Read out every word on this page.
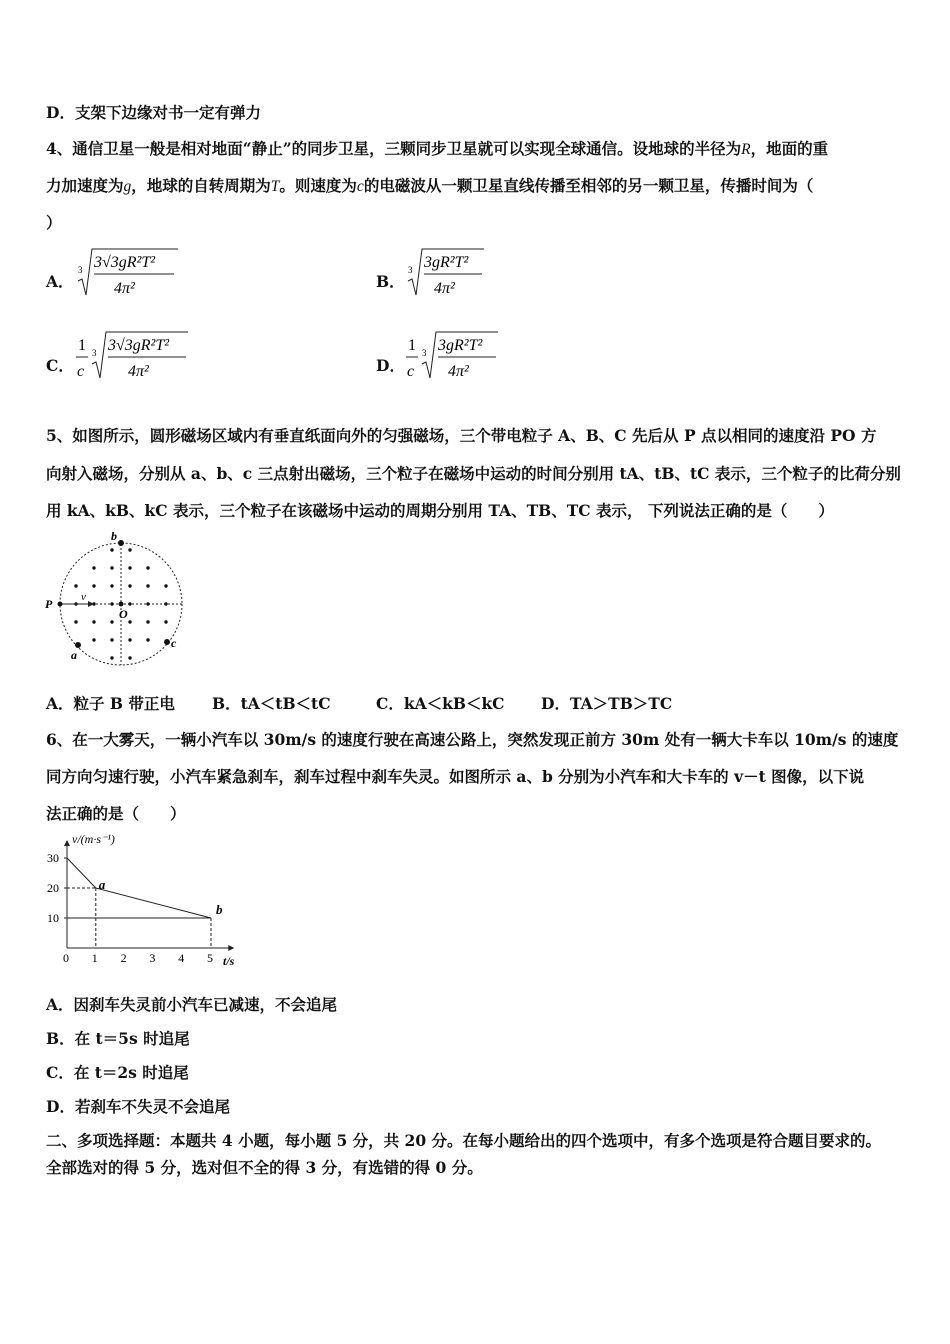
D．支架下边缘对书一定有弹力
4、通信卫星一般是相对地面“静止”的同步卫星，三颗同步卫星就可以实现全球通信。设地球的半径为R，地面的重
力加速度为g，地球的自转周期为T。则速度为c的电磁波从一颗卫星直线传播至相邻的另一颗卫星，传播时间为（
）
A．
3 3√3gR²T²
4π²	B．
3 3gR²T²
4π²
C．
1
c
3 3√3gR²T²
4π²	D．
1
c
3 3gR²T²
4π²
5、如图所示，圆形磁场区域内有垂直纸面向外的匀强磁场，三个带电粒子 A、B、C 先后从 P 点以相同的速度沿 PO 方
向射入磁场，分别从 a、b、c 三点射出磁场，三个粒子在磁场中运动的时间分别用 tA、tB、tC 表示，三个粒子的比荷分别
用 kA、kB、kC 表示，三个粒子在该磁场中运动的周期分别用 TA、TB、TC 表示， 下列说法正确的是（　　）
v
P
O
b
a
c
A．粒子 B 带正电 B．tA＜tB＜tC	C．kA＜kB＜kC D．TA＞TB＞TC
6、在一大雾天，一辆小汽车以 30m/s 的速度行驶在高速公路上，突然发现正前方 30m 处有一辆大卡车以 10m/s 的速度
同方向匀速行驶，小汽车紧急刹车，刹车过程中刹车失灵。如图所示 a、b 分别为小汽车和大卡车的 v－t 图像，以下说
法正确的是（　　）
a
b
0 1 2 3 4 5
10
20
30
v/(m·s⁻¹)
t/s
A．因刹车失灵前小汽车已减速，不会追尾
B．在 t＝5s 时追尾
C．在 t＝2s 时追尾
D．若刹车不失灵不会追尾
二、多项选择题：本题共 4 小题，每小题 5 分，共 20 分。在每小题给出的四个选项中，有多个选项是符合题目要求的。
全部选对的得 5 分，选对但不全的得 3 分，有选错的得 0 分。
